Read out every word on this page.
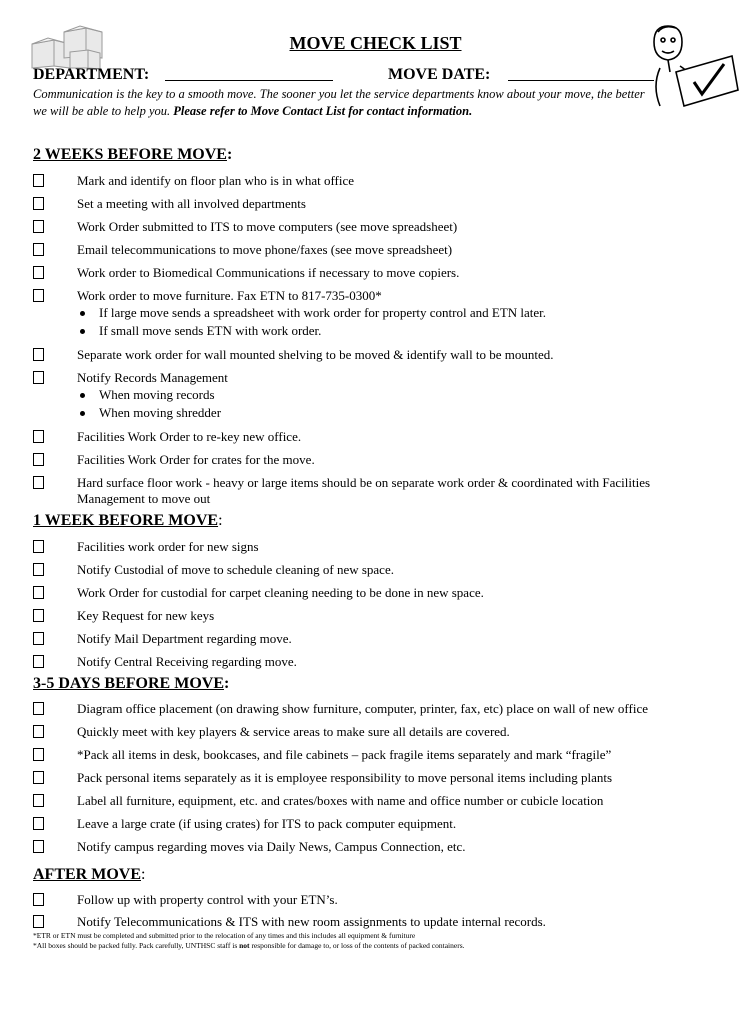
MOVE CHECK LIST
DEPARTMENT:	MOVE DATE:
Communication is the key to a smooth move. The sooner you let the service departments know about your move, the better we will be able to help you. Please refer to Move Contact List for contact information.
2 WEEKS BEFORE MOVE:
Mark and identify on floor plan who is in what office
Set a meeting with all involved departments
Work Order submitted to ITS to move computers (see move spreadsheet)
Email telecommunications to move phone/faxes (see move spreadsheet)
Work order to Biomedical Communications if necessary to move copiers.
Work order to move furniture. Fax ETN to 817-735-0300*
If large move sends a spreadsheet with work order for property control and ETN later.
If small move sends ETN with work order.
Separate work order for wall mounted shelving to be moved & identify wall to be mounted.
Notify Records Management
When moving records
When moving shredder
Facilities Work Order to re-key new office.
Facilities Work Order for crates for the move.
Hard surface floor work - heavy or large items should be on separate work order & coordinated with Facilities Management to move out
1 WEEK BEFORE MOVE:
Facilities work order for new signs
Notify Custodial of move to schedule cleaning of new space.
Work Order for custodial for carpet cleaning needing to be done in new space.
Key Request for new keys
Notify Mail Department regarding move.
Notify Central Receiving regarding move.
3-5 DAYS BEFORE MOVE:
Diagram office placement (on drawing show furniture, computer, printer, fax, etc) place on wall of new office
Quickly meet with key players & service areas to make sure all details are covered.
*Pack all items in desk, bookcases, and file cabinets – pack fragile items separately and mark “fragile”
Pack personal items separately as it is employee responsibility to move personal items including plants
Label all furniture, equipment, etc. and crates/boxes with name and office number or cubicle location
Leave a large crate (if using crates) for ITS to pack computer equipment.
Notify campus regarding moves via Daily News, Campus Connection, etc.
AFTER MOVE:
Follow up with property control with your ETN’s.
Notify Telecommunications & ITS with new room assignments to update internal records.
*ETR or ETN must be completed and submitted prior to the relocation of any times and this includes all equipment & furniture
*All boxes should be packed fully. Pack carefully, UNTHSC staff is not responsible for damage to, or loss of the contents of packed containers.
